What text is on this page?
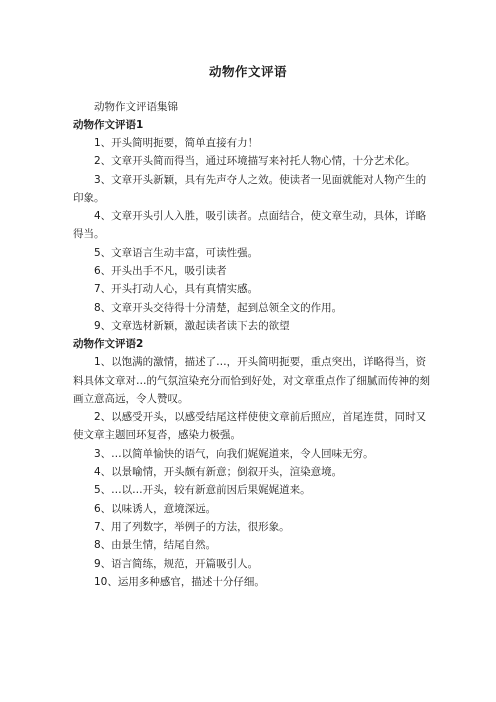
动物作文评语
动物作文评语集锦
动物作文评语1
1、开头简明扼要，简单直接有力！
2、文章开头简而得当，通过环境描写来衬托人物心情，十分艺术化。
3、文章开头新颖，具有先声夺人之效。使读者一见面就能对人物产生的印象。
4、文章开头引人入胜，吸引读者。点面结合，使文章生动，具体，详略得当。
5、文章语言生动丰富，可读性强。
6、开头出手不凡，吸引读者
7、开头打动人心，具有真情实感。
8、文章开头交待得十分清楚，起到总领全文的作用。
9、文章选材新颖，激起读者读下去的欲望
动物作文评语2
1、以饱满的激情，描述了…，开头简明扼要，重点突出，详略得当，资料具体文章对…的气氛渲染充分而恰到好处，对文章重点作了细腻而传神的刻画立意高远，令人赞叹。
2、以感受开头，以感受结尾这样使使文章前后照应，首尾连贯，同时又使文章主题回环复沓，感染力极强。
3、…以简单愉快的语气，向我们娓娓道来，令人回味无穷。
4、以景喻情，开头颇有新意；倒叙开头，渲染意境。
5、…以…开头，较有新意前因后果娓娓道来。
6、以味诱人，意境深远。
7、用了列数字，举例子的方法，很形象。
8、由景生情，结尾自然。
9、语言简练，规范，开篇吸引人。
10、运用多种感官，描述十分仔细。
